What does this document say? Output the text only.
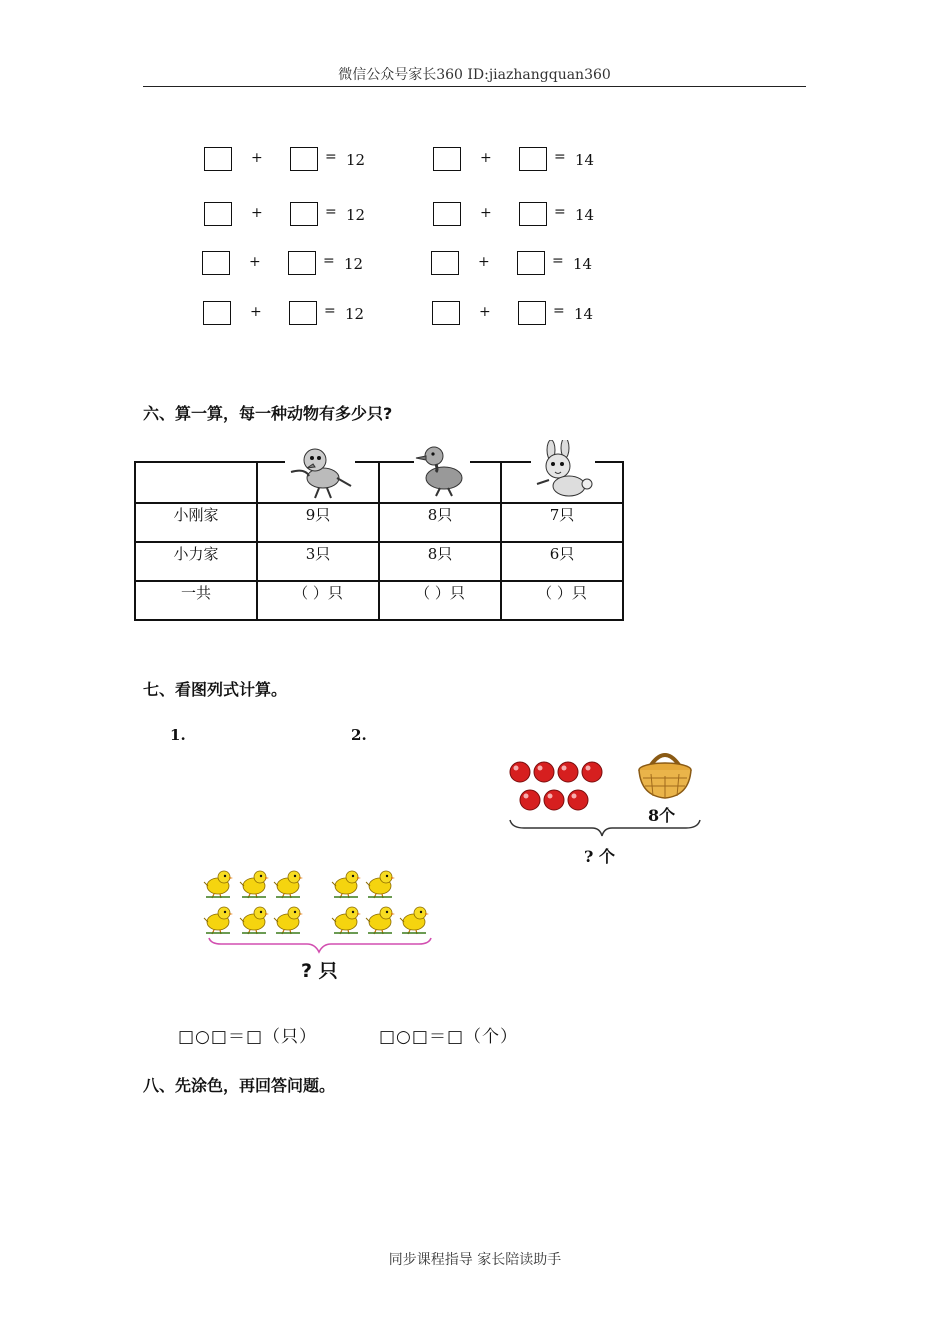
微信公众号家长360 ID:jiazhangquan360
+	= 12	+	= 14
+	= 12	+	= 14
+	= 12	+	= 14
+	= 12	+	= 14
六、算一算，每一种动物有多少只?

小刚家	9只	8只	7只
小力家	3只	8只	6只
一共	（ ）只	（ ）只	（ ）只
七、看图列式计算。
1.	2.
8个
? 个
? 只
□○□＝□（只）	□○□＝□（个）
八、先涂色，再回答问题。
同步课程指导 家长陪读助手
